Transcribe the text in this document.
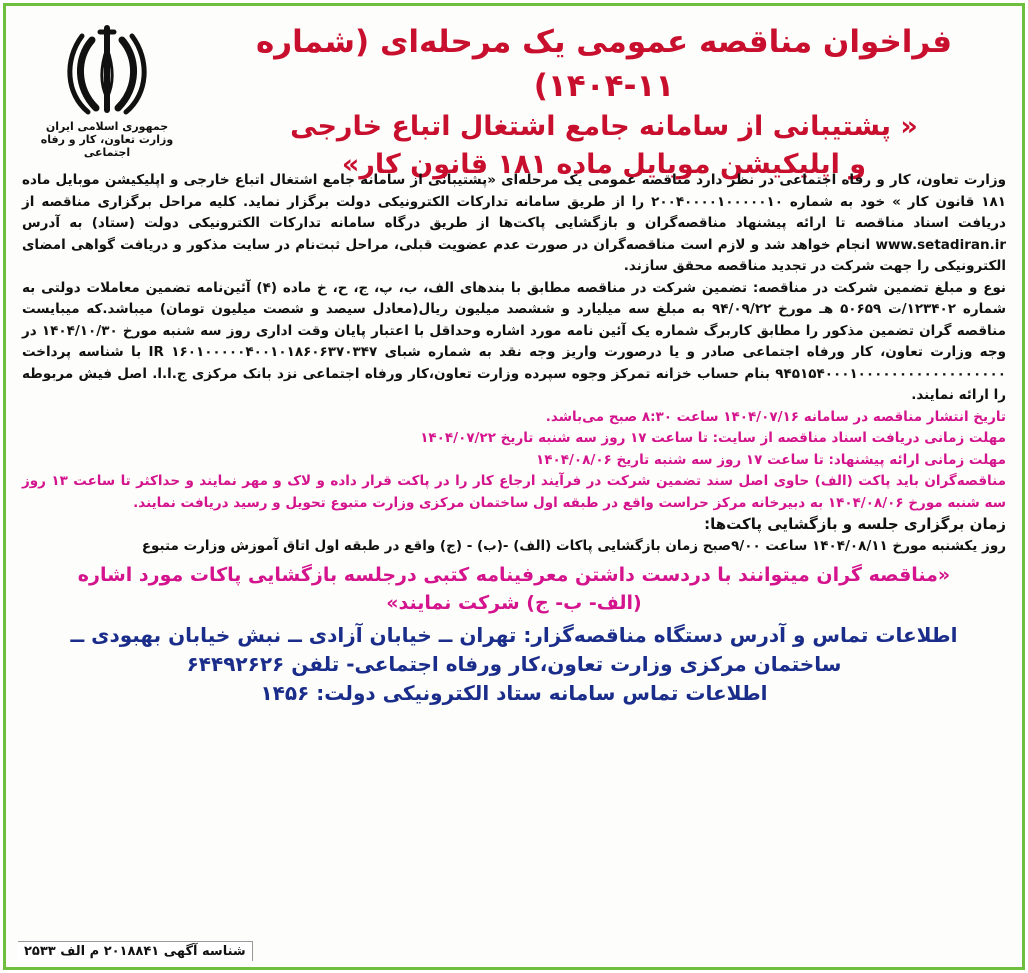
جمهوری اسلامی ایران
وزارت تعاون، کار و رفاه اجتماعی
فراخوان مناقصه عمومی یک مرحله‌ای (شماره ۱۱-۱۴۰۴)
« پشتیبانی از سامانه جامع اشتغال اتباع خارجی
و اپلیکیشن موبایل ماده ۱۸۱ قانون کار»

وزارت تعاون، کار و رفاه اجتماعی در نظر دارد مناقصه عمومی یک مرحله‌ای «پشتیبانی از سامانه جامع اشتغال اتباع خارجی و اپلیکیشن موبایل ماده ۱۸۱ قانون کار » خود به شماره ۲۰۰۴۰۰۰۰۱۰۰۰۰۰۱۰ را از طریق سامانه تدارکات الکترونیکی دولت برگزار نماید. کلیه مراحل برگزاری مناقصه از دریافت اسناد مناقصه تا ارائه پیشنهاد مناقصه‌گران و بازگشایی پاکت‌ها از طریق درگاه سامانه تدارکات الکترونیکی دولت (ستاد) به آدرس www.setadiran.ir انجام خواهد شد و لازم است مناقصه‌گران در صورت عدم عضویت قبلی، مراحل ثبت‌نام در سایت مذکور و دریافت گواهی امضای الکترونیکی را جهت شرکت در تجدید مناقصه محقق سازند.

نوع و مبلغ تضمین شرکت در مناقصه: تضمین شرکت در مناقصه مطابق با بندهای الف، ب، پ، ج، ح، خ ماده (۴) آئین‌نامه تضمین معاملات دولتی به شماره ۱۲۳۴۰۲/ت ۵۰۶۵۹ هـ مورخ ۹۴/۰۹/۲۲ به مبلغ سه میلیارد و ششصد میلیون ریال(معادل سیصد و شصت میلیون تومان) میباشد.که میبایست مناقصه گران تضمین مذکور را مطابق کاربرگ شماره یک آئین نامه مورد اشاره وحداقل با اعتبار پایان وقت اداری روز سه شنبه مورخ ۱۴۰۴/۱۰/۳۰ در وجه وزارت تعاون، کار ورفاه اجتماعی صادر و یا درصورت واریز وجه نقد به شماره شبای IR ۱۶۰۱۰۰۰۰۰۴۰۰۱۰۱۸۶۰۶۳۷۰۳۴۷ با شناسه پرداخت ۹۴۵۱۵۴۰۰۰۱۰۰۰۰۰۰۰۰۰۰۰۰۰۰۰۰۰۰ بنام حساب خزانه تمرکز وجوه سپرده وزارت تعاون،کار ورفاه اجتماعی نزد بانک مرکزی ج.ا.ا. اصل فیش مربوطه را ارائه نمایند.

تاریخ انتشار مناقصه در سامانه ۱۴۰۴/۰۷/۱۶ ساعت ۸:۳۰ صبح می‌باشد.

مهلت زمانی دریافت اسناد مناقصه از سایت: تا ساعت ۱۷ روز سه شنبه تاریخ ۱۴۰۴/۰۷/۲۲

مهلت زمانی ارائه پیشنهاد: تا ساعت ۱۷ روز سه شنبه تاریخ ۱۴۰۴/۰۸/۰۶

مناقصه‌گران باید پاکت (الف) حاوی اصل سند تضمین شرکت در فرآیند ارجاع کار را در پاکت قرار داده و لاک و مهر نمایند و حداکثر تا ساعت ۱۳ روز سه شنبه مورخ ۱۴۰۴/۰۸/۰۶ به دبیرخانه مرکز حراست واقع در طبقه اول ساختمان مرکزی وزارت متبوع تحویل و رسید دریافت نمایند.

زمان برگزاری جلسه و بازگشایی پاکت‌ها:

روز یکشنبه مورخ ۱۴۰۴/۰۸/۱۱ ساعت ۹/۰۰صبح زمان بازگشایی پاکات (الف) -(ب) - (ج) واقع در طبقه اول اتاق آموزش وزارت متبوع

«مناقصه گران میتوانند با دردست داشتن معرفینامه کتبی درجلسه بازگشایی پاکات مورد اشاره
(الف- ب- ج) شرکت نمایند»
اطلاعات تماس و آدرس دستگاه مناقصه‌گزار: تهران ــ خیابان آزادی ــ نبش خیابان بهبودی ــ
ساختمان مرکزی وزارت تعاون،کار ورفاه اجتماعی- تلفن ۶۴۴۹۲۶۲۶
اطلاعات تماس سامانه ستاد الکترونیکی دولت: ۱۴۵۶
شناسه آگهی ۲۰۱۸۸۴۱ م الف ۲۵۳۳
